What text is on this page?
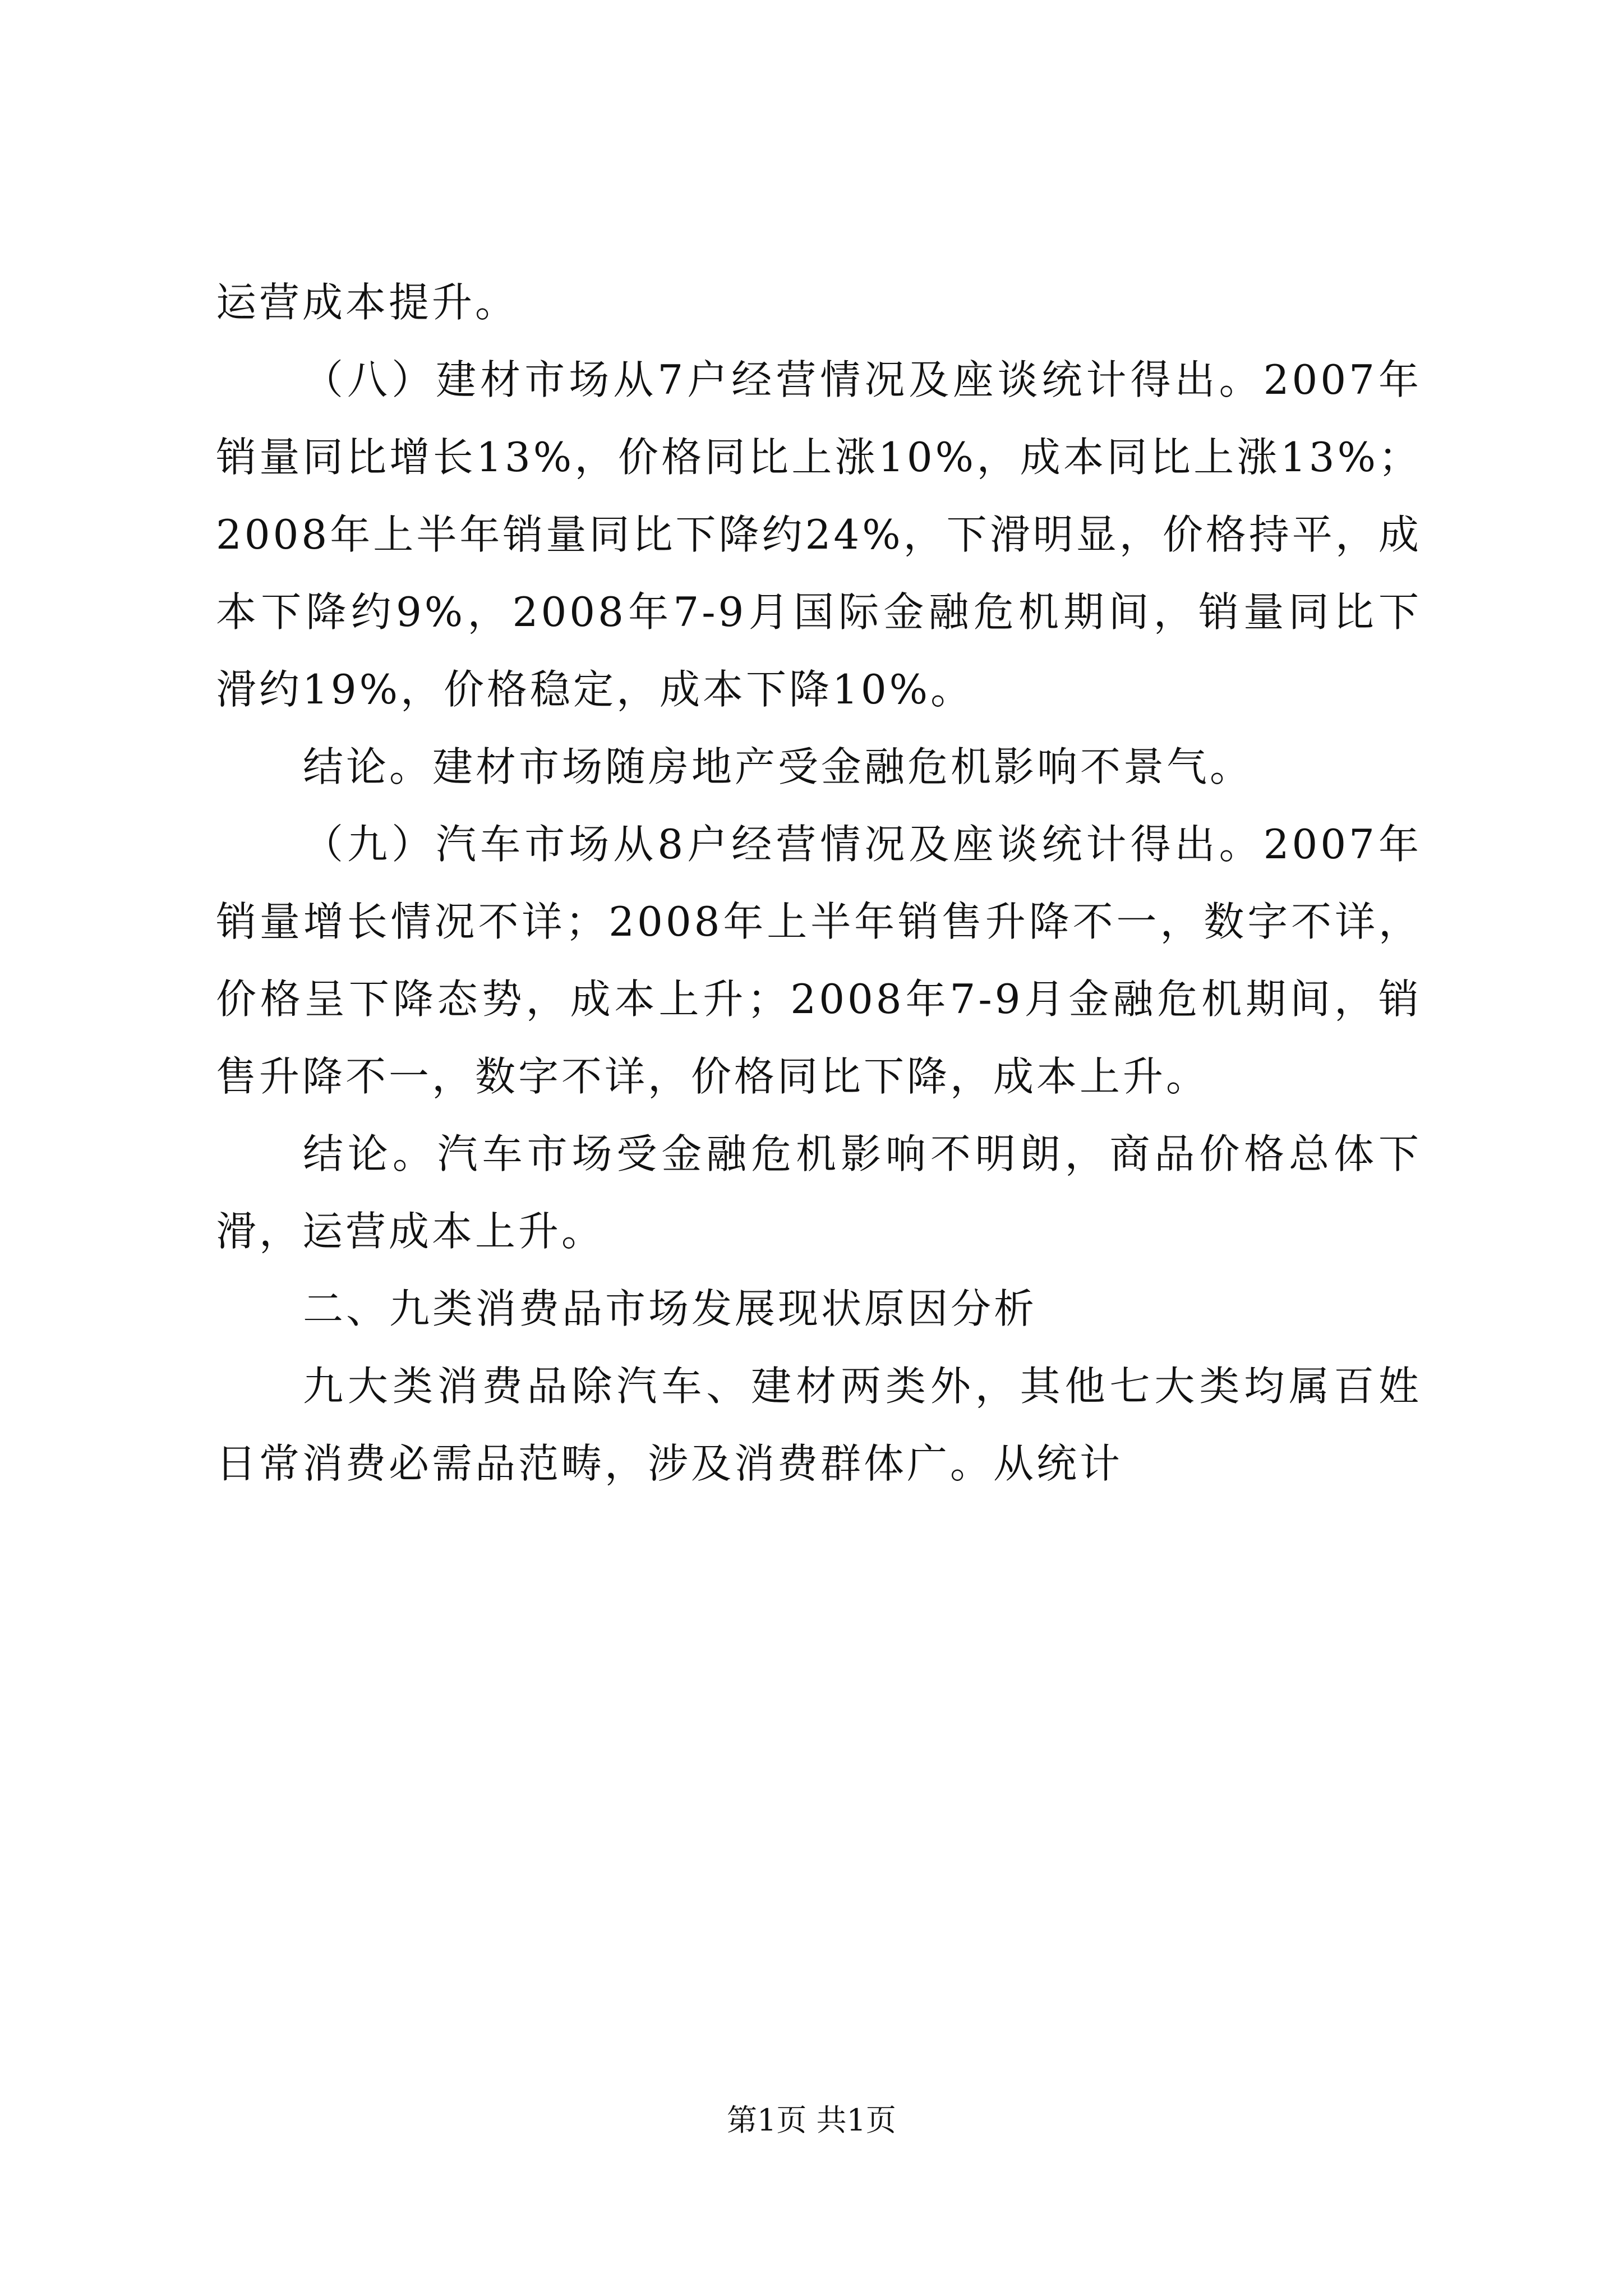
运营成本提升。

（八）建材市场从7户经营情况及座谈统计得出。2007年销量同比增长13%，价格同比上涨10%，成本同比上涨13%；2008年上半年销量同比下降约24%，下滑明显，价格持平，成本下降约9%，2008年7-9月国际金融危机期间，销量同比下滑约19%，价格稳定，成本下降10%。

结论。建材市场随房地产受金融危机影响不景气。

（九）汽车市场从8户经营情况及座谈统计得出。2007年销量增长情况不详；2008年上半年销售升降不一，数字不详，价格呈下降态势，成本上升；2008年7-9月金融危机期间，销售升降不一，数字不详，价格同比下降，成本上升。

结论。汽车市场受金融危机影响不明朗，商品价格总体下滑，运营成本上升。

二、九类消费品市场发展现状原因分析

九大类消费品除汽车、建材两类外，其他七大类均属百姓日常消费必需品范畴，涉及消费群体广。从统计

第1页 共1页
